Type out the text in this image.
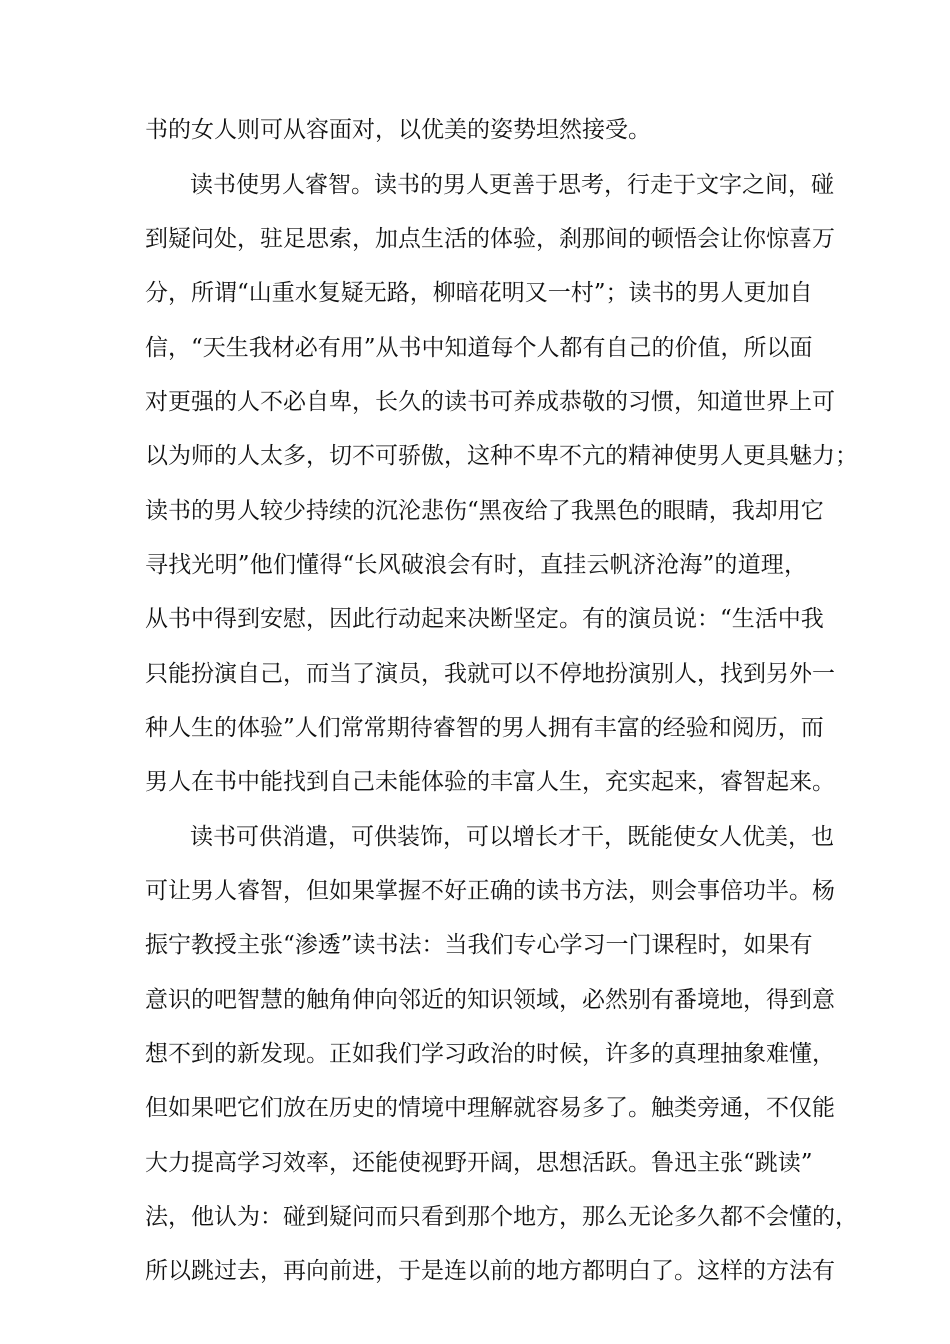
书的女人则可从容面对，以优美的姿势坦然接受。
读书使男人睿智。读书的男人更善于思考，行走于文字之间，碰
到疑问处，驻足思索，加点生活的体验，刹那间的顿悟会让你惊喜万
分，所谓“山重水复疑无路，柳暗花明又一村”；读书的男人更加自
信，“天生我材必有用”从书中知道每个人都有自己的价值，所以面
对更强的人不必自卑，长久的读书可养成恭敬的习惯，知道世界上可
以为师的人太多，切不可骄傲，这种不卑不亢的精神使男人更具魅力；
读书的男人较少持续的沉沦悲伤“黑夜给了我黑色的眼睛，我却用它
寻找光明”他们懂得“长风破浪会有时，直挂云帆济沧海”的道理，
从书中得到安慰，因此行动起来决断坚定。有的演员说：“生活中我
只能扮演自己，而当了演员，我就可以不停地扮演别人，找到另外一
种人生的体验”人们常常期待睿智的男人拥有丰富的经验和阅历，而
男人在书中能找到自己未能体验的丰富人生，充实起来，睿智起来。
读书可供消遣，可供装饰，可以增长才干，既能使女人优美，也
可让男人睿智，但如果掌握不好正确的读书方法，则会事倍功半。杨
振宁教授主张“渗透”读书法：当我们专心学习一门课程时，如果有
意识的吧智慧的触角伸向邻近的知识领域，必然别有番境地，得到意
想不到的新发现。正如我们学习政治的时候，许多的真理抽象难懂，
但如果吧它们放在历史的情境中理解就容易多了。触类旁通，不仅能
大力提高学习效率，还能使视野开阔，思想活跃。鲁迅主张“跳读”
法，他认为：碰到疑问而只看到那个地方，那么无论多久都不会懂的，
所以跳过去，再向前进，于是连以前的地方都明白了。这样的方法有
